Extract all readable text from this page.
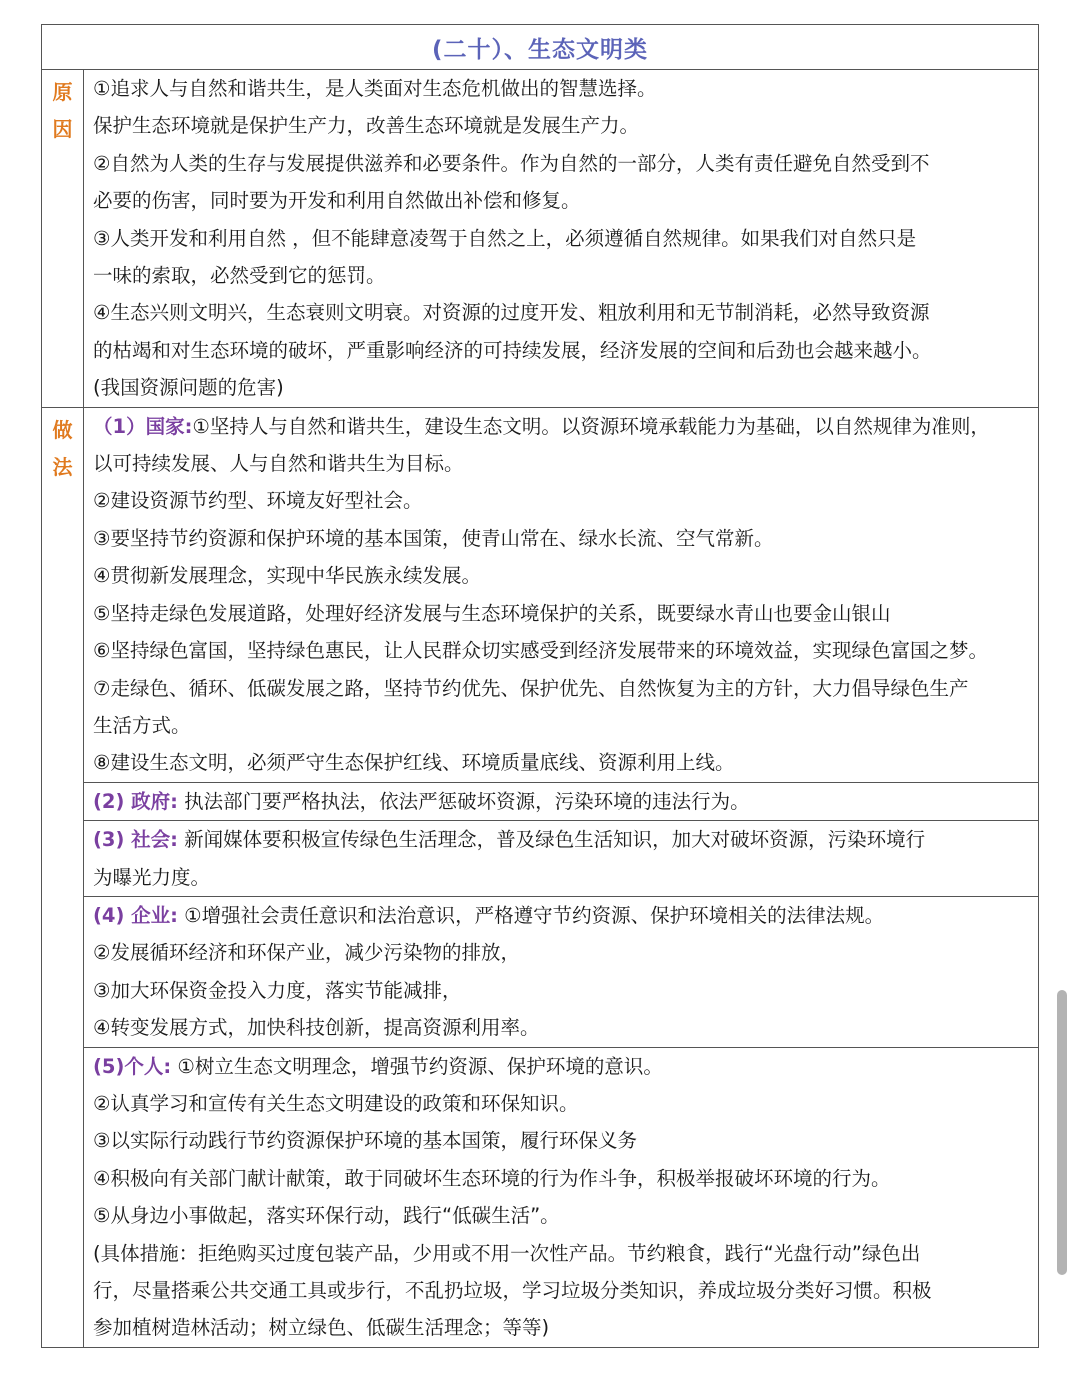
(二十）、生态文明类
原
因
①追求人与自然和谐共生，是人类面对生态危机做出的智慧选择。
保护生态环境就是保护生产力，改善生态环境就是发展生产力。
②自然为人类的生存与发展提供滋养和必要条件。作为自然的一部分，人类有责任避免自然受到不
必要的伤害，同时要为开发和利用自然做出补偿和修复。
③人类开发和利用自然 ，但不能肆意凌驾于自然之上，必须遵循自然规律。如果我们对自然只是
一味的索取，必然受到它的惩罚。
④生态兴则文明兴，生态衰则文明衰。对资源的过度开发、粗放利用和无节制消耗，必然导致资源
的枯竭和对生态环境的破坏，严重影响经济的可持续发展，经济发展的空间和后劲也会越来越小。
(我国资源问题的危害)
做
法
（1）国家:①坚持人与自然和谐共生，建设生态文明。以资源环境承载能力为基础，以自然规律为准则，
以可持续发展、人与自然和谐共生为目标。
②建设资源节约型、环境友好型社会。
③要坚持节约资源和保护环境的基本国策，使青山常在、绿水长流、空气常新。
④贯彻新发展理念，实现中华民族永续发展。
⑤坚持走绿色发展道路，处理好经济发展与生态环境保护的关系，既要绿水青山也要金山银山
⑥坚持绿色富国，坚持绿色惠民，让人民群众切实感受到经济发展带来的环境效益，实现绿色富国之梦。
⑦走绿色、循环、低碳发展之路，坚持节约优先、保护优先、自然恢复为主的方针，大力倡导绿色生产
生活方式。
⑧建设生态文明，必须严守生态保护红线、环境质量底线、资源利用上线。
(2) 政府: 执法部门要严格执法，依法严惩破坏资源，污染环境的违法行为。
(3) 社会: 新闻媒体要积极宣传绿色生活理念，普及绿色生活知识，加大对破坏资源，污染环境行
为曝光力度。
(4) 企业: ①增强社会责任意识和法治意识，严格遵守节约资源、保护环境相关的法律法规。
②发展循环经济和环保产业，减少污染物的排放，
③加大环保资金投入力度，落实节能减排，
④转变发展方式，加快科技创新，提高资源利用率。
(5)个人: ①树立生态文明理念，增强节约资源、保护环境的意识。
②认真学习和宣传有关生态文明建设的政策和环保知识。
③以实际行动践行节约资源保护环境的基本国策，履行环保义务
④积极向有关部门献计献策，敢于同破坏生态环境的行为作斗争，积极举报破坏环境的行为。
⑤从身边小事做起，落实环保行动，践行“低碳生活”。
(具体措施：拒绝购买过度包装产品，少用或不用一次性产品。节约粮食，践行“光盘行动”绿色出
行，尽量搭乘公共交通工具或步行，不乱扔垃圾，学习垃圾分类知识，养成垃圾分类好习惯。积极
参加植树造林活动；树立绿色、低碳生活理念；等等)
